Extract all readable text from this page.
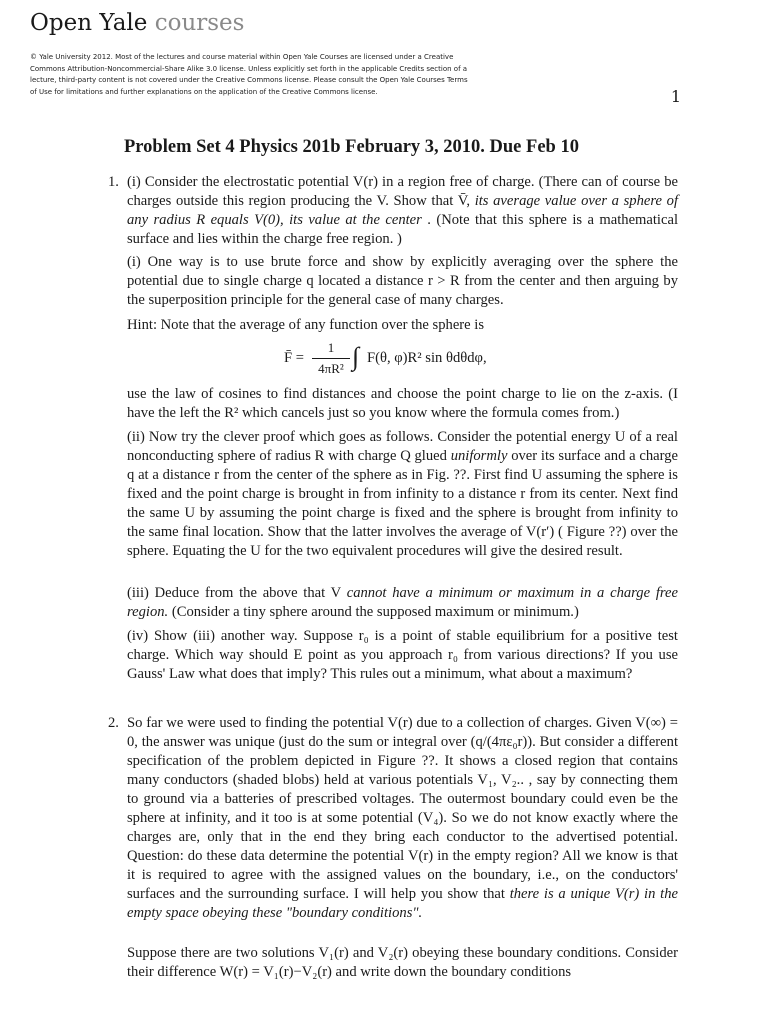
Open Yale courses
© Yale University 2012. Most of the lectures and course material within Open Yale Courses are licensed under a Creative Commons Attribution-Noncommercial-Share Alike 3.0 license. Unless explicitly set forth in the applicable Credits section of a lecture, third-party content is not covered under the Creative Commons license. Please consult the Open Yale Courses Terms of Use for limitations and further explanations on the application of the Creative Commons license.	1
Problem Set 4 Physics 201b February 3, 2010. Due Feb 10
1. (i) Consider the electrostatic potential V(r) in a region free of charge. (There can of course be charges outside this region producing the V. Show that V̄, its average value over a sphere of any radius R equals V(0), its value at the center . (Note that this sphere is a mathematical surface and lies within the charge free region. )
(i) One way is to use brute force and show by explicitly averaging over the sphere the potential due to single charge q located a distance r > R from the center and then arguing by the superposition principle for the general case of many charges.
Hint: Note that the average of any function over the sphere is
F̄ =
1
4πR² ∫ F(θ, φ)R² sin θdθdφ,
use the law of cosines to find distances and choose the point charge to lie on the z-axis. (I have the left the R² which cancels just so you know where the formula comes from.)
(ii) Now try the clever proof which goes as follows. Consider the potential energy U of a real nonconducting sphere of radius R with charge Q glued uniformly over its surface and a charge q at a distance r from the center of the sphere as in Fig. ??. First find U assuming the sphere is fixed and the point charge is brought in from infinity to a distance r from its center. Next find the same U by assuming the point charge is fixed and the sphere is brought from infinity to the same final location. Show that the latter involves the average of V(r′) ( Figure ??) over the sphere. Equating the U for the two equivalent procedures will give the desired result.
(iii) Deduce from the above that V cannot have a minimum or maximum in a charge free region. (Consider a tiny sphere around the supposed maximum or minimum.)
(iv) Show (iii) another way. Suppose r₀ is a point of stable equilibrium for a positive test charge. Which way should E point as you approach r₀ from various directions? If you use Gauss' Law what does that imply? This rules out a minimum, what about a maximum?
2. So far we were used to finding the potential V(r) due to a collection of charges. Given V(∞) = 0, the answer was unique (just do the sum or integral over (q/(4πε₀r)). But consider a different specification of the problem depicted in Figure ??. It shows a closed region that contains many conductors (shaded blobs) held at various potentials V₁, V₂.. , say by connecting them to ground via a batteries of prescribed voltages. The outermost boundary could even be the sphere at infinity, and it too is at some potential (V₄). So we do not know exactly where the charges are, only that in the end they bring each conductor to the advertised potential. Question: do these data determine the potential V(r) in the empty region? All we know is that it is required to agree with the assigned values on the boundary, i.e., on the conductors' surfaces and the surrounding surface. I will help you show that there is a unique V(r) in the empty space obeying these "boundary conditions".
Suppose there are two solutions V₁(r) and V₂(r) obeying these boundary conditions. Consider their difference W(r) = V₁(r)−V₂(r) and write down the boundary conditions
